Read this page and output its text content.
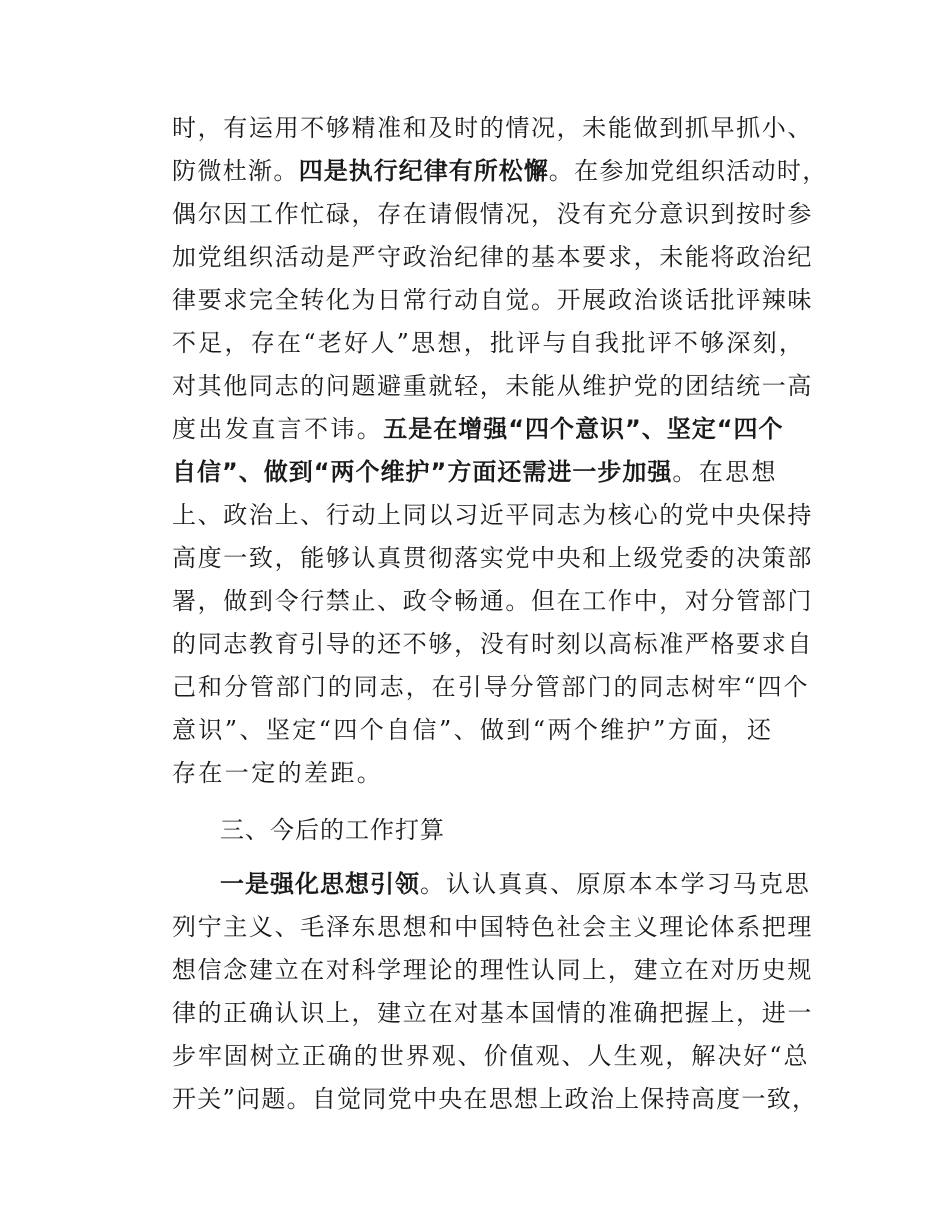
时，有运用不够精准和及时的情况，未能做到抓早抓小、
防微杜渐。四是执行纪律有所松懈。在参加党组织活动时，
偶尔因工作忙碌，存在请假情况，没有充分意识到按时参
加党组织活动是严守政治纪律的基本要求，未能将政治纪
律要求完全转化为日常行动自觉。开展政治谈话批评辣味
不足，存在“老好人”思想，批评与自我批评不够深刻，
对其他同志的问题避重就轻，未能从维护党的团结统一高
度出发直言不讳。五是在增强“四个意识”、坚定“四个
自信”、做到“两个维护”方面还需进一步加强。在思想
上、政治上、行动上同以习近平同志为核心的党中央保持
高度一致，能够认真贯彻落实党中央和上级党委的决策部
署，做到令行禁止、政令畅通。但在工作中，对分管部门
的同志教育引导的还不够，没有时刻以高标准严格要求自
己和分管部门的同志，在引导分管部门的同志树牢“四个
意识”、坚定“四个自信”、做到“两个维护”方面，还
存在一定的差距。
三、今后的工作打算
一是强化思想引领。认认真真、原原本本学习马克思
列宁主义、毛泽东思想和中国特色社会主义理论体系把理
想信念建立在对科学理论的理性认同上，建立在对历史规
律的正确认识上，建立在对基本国情的准确把握上，进一
步牢固树立正确的世界观、价值观、人生观，解决好“总
开关”问题。自觉同党中央在思想上政治上保持高度一致，
